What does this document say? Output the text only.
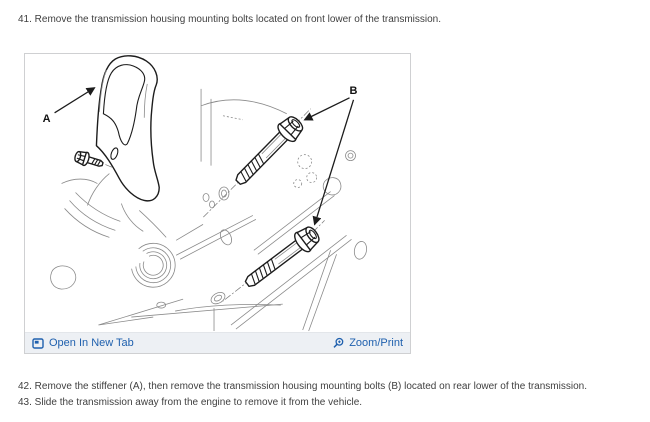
41. Remove the transmission housing mounting bolts located on front lower of the transmission.
A
B
Open In New Tab	Zoom/Print
42. Remove the stiffener (A), then remove the transmission housing mounting bolts (B) located on rear lower of the transmission.
43. Slide the transmission away from the engine to remove it from the vehicle.
